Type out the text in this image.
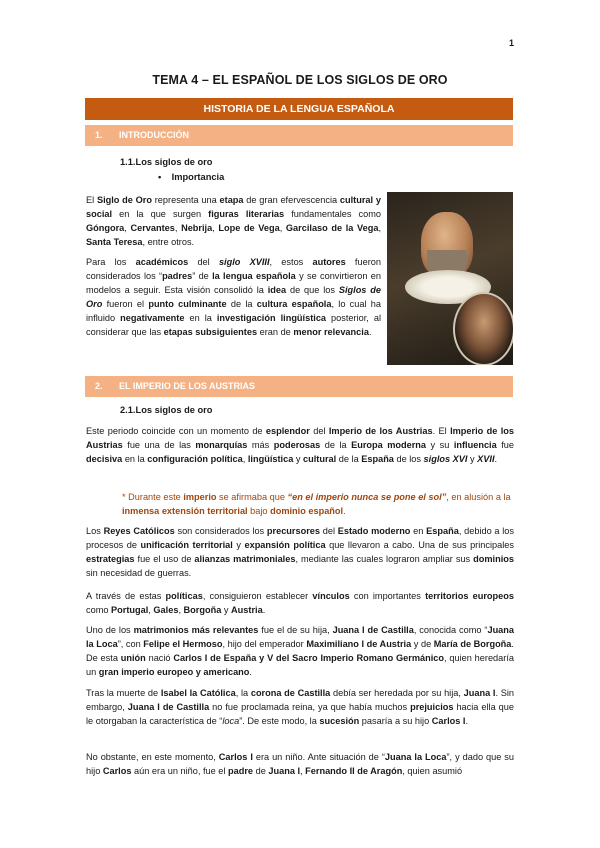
1
TEMA 4 – EL ESPAÑOL DE LOS SIGLOS DE ORO
HISTORIA DE LA LENGUA ESPAÑOLA
1. INTRODUCCIÓN
1.1.Los siglos de oro
• Importancia

El Siglo de Oro representa una etapa de gran efervescencia cultural y social en la que surgen figuras literarias fundamentales como Góngora, Cervantes, Nebrija, Lope de Vega, Garcilaso de la Vega, Santa Teresa, entre otros.

Para los académicos del siglo XVIII, estos autores fueron considerados los “padres” de la lengua española y se convirtieron en modelos a seguir. Esta visión consolidó la idea de que los Siglos de Oro fueron el punto culminante de la cultura española, lo cual ha influido negativamente en la investigación lingüística posterior, al considerar que las etapas subsiguientes eran de menor relevancia.

2. EL IMPERIO DE LOS AUSTRIAS
2.1.Los siglos de oro

Este periodo coincide con un momento de esplendor del Imperio de los Austrias. El Imperio de los Austrias fue una de las monarquías más poderosas de la Europa moderna y su influencia fue decisiva en la configuración política, lingüística y cultural de la España de los siglos XVI y XVII.

* Durante este imperio se afirmaba que “en el imperio nunca se pone el sol”, en alusión a la inmensa extensión territorial bajo dominio español.

Los Reyes Católicos son considerados los precursores del Estado moderno en España, debido a los procesos de unificación territorial y expansión política que llevaron a cabo. Una de sus principales estrategias fue el uso de alianzas matrimoniales, mediante las cuales lograron ampliar sus dominios sin necesidad de guerras.

A través de estas políticas, consiguieron establecer vínculos con importantes territorios europeos como Portugal, Gales, Borgoña y Austria.

Uno de los matrimonios más relevantes fue el de su hija, Juana I de Castilla, conocida como “Juana la Loca”, con Felipe el Hermoso, hijo del emperador Maximiliano I de Austria y de María de Borgoña. De esta unión nació Carlos I de España y V del Sacro Imperio Romano Germánico, quien heredaría un gran imperio europeo y americano.

Tras la muerte de Isabel la Católica, la corona de Castilla debía ser heredada por su hija, Juana I. Sin embargo, Juana I de Castilla no fue proclamada reina, ya que había muchos prejuicios hacia ella que le otorgaban la característica de “loca”. De este modo, la sucesión pasaría a su hijo Carlos I.

No obstante, en este momento, Carlos I era un niño. Ante situación de “Juana la Loca”, y dado que su hijo Carlos aún era un niño, fue el padre de Juana I, Fernando II de Aragón, quien asumió
